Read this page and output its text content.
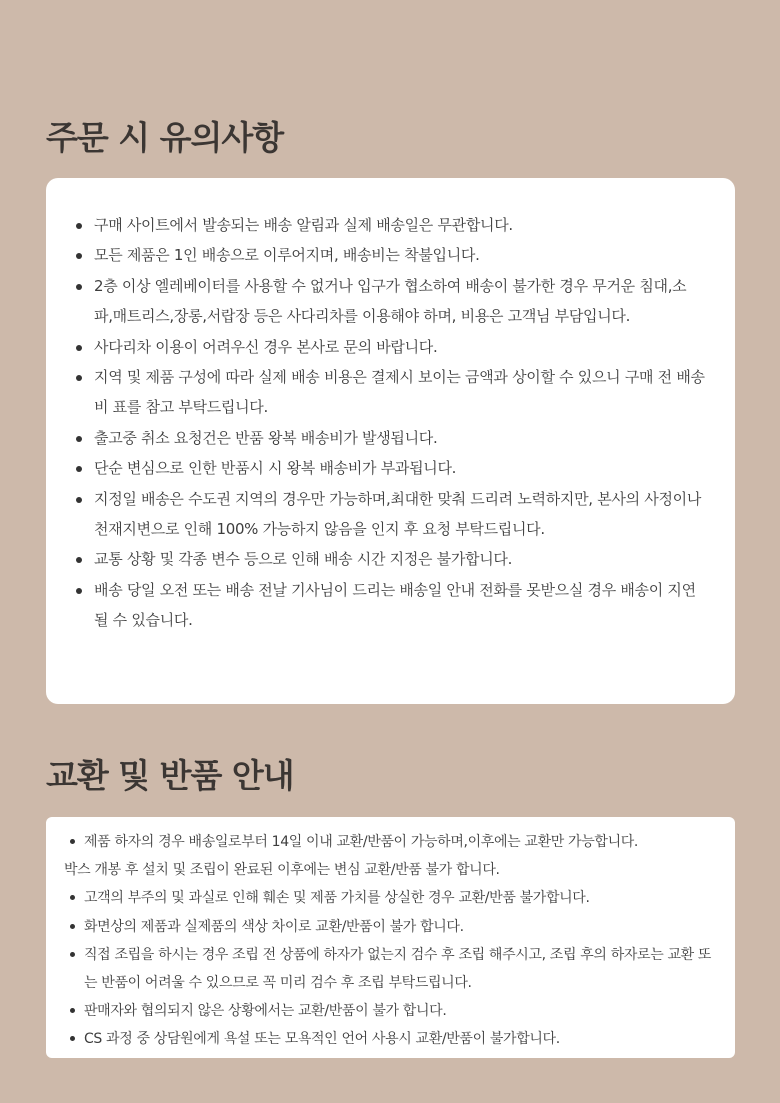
주문 시 유의사항
구매 사이트에서 발송되는 배송 알림과 실제 배송일은 무관합니다.
모든 제품은 1인 배송으로 이루어지며, 배송비는 착불입니다.
2층 이상 엘레베이터를 사용할 수 없거나 입구가 협소하여 배송이 불가한 경우 무거운 침대,소파,매트리스,장롱,서랍장 등은 사다리차를 이용해야 하며, 비용은 고객님 부담입니다.
사다리차 이용이 어려우신 경우 본사로 문의 바랍니다.
지역 및 제품 구성에 따라 실제 배송 비용은 결제시 보이는 금액과 상이할 수 있으니 구매 전 배송비 표를 참고 부탁드립니다.
출고중 취소 요청건은 반품 왕복 배송비가 발생됩니다.
단순 변심으로 인한 반품시 시 왕복 배송비가 부과됩니다.
지정일 배송은 수도권 지역의 경우만 가능하며,최대한 맞춰 드리려 노력하지만, 본사의 사정이나 천재지변으로 인해 100% 가능하지 않음을 인지 후 요청 부탁드립니다.
교통 상황 및 각종 변수 등으로 인해 배송 시간 지정은 불가합니다.
배송 당일 오전 또는 배송 전날 기사님이 드리는 배송일 안내 전화를 못받으실 경우 배송이 지연될 수 있습니다.
교환 및 반품 안내
제품 하자의 경우 배송일로부터 14일 이내 교환/반품이 가능하며,이후에는 교환만 가능합니다.
박스 개봉 후 설치 및 조립이 완료된 이후에는 변심 교환/반품 불가 합니다.
고객의 부주의 및 과실로 인해 훼손 및 제품 가치를 상실한 경우 교환/반품 불가합니다.
화면상의 제품과 실제품의 색상 차이로 교환/반품이 불가 합니다.
직접 조립을 하시는 경우 조립 전 상품에 하자가 없는지 검수 후 조립 해주시고, 조립 후의 하자로는 교환 또는 반품이 어려울 수 있으므로 꼭 미리 검수 후 조립 부탁드립니다.
판매자와 협의되지 않은 상황에서는 교환/반품이 불가 합니다.
CS 과정 중 상담원에게 욕설 또는 모욕적인 언어 사용시 교환/반품이 불가합니다.
